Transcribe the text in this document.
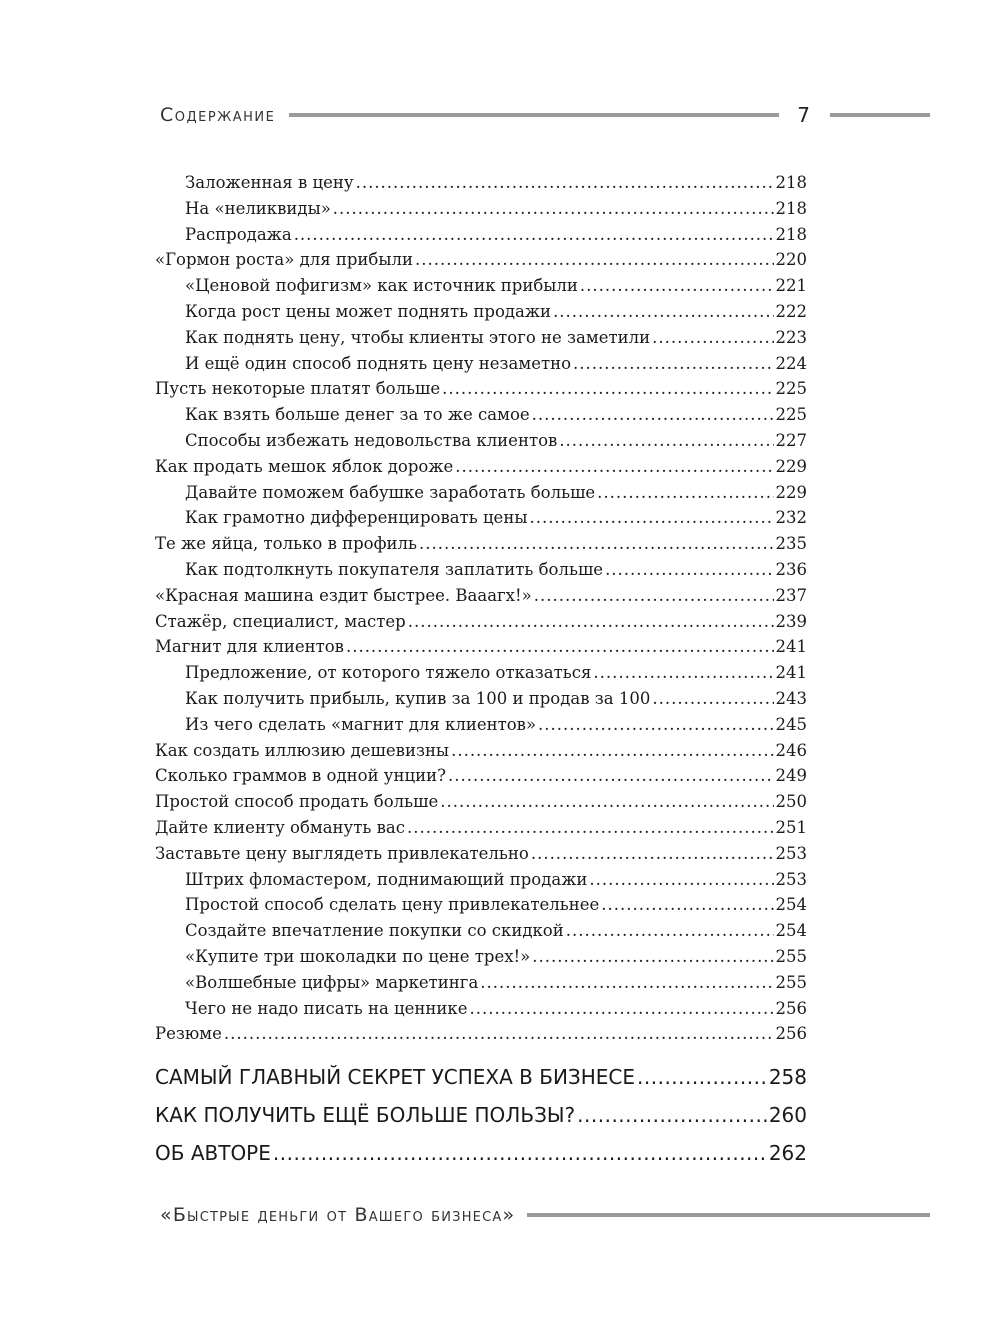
Содержание	7
Заложенная в цену .....	218
На «неликвиды» .....	218
Распродажа .....	218
«Гормон роста» для прибыли .....	220
«Ценовой пофигизм» как источник прибыли .....	221
Когда рост цены может поднять продажи .....	222
Как поднять цену, чтобы клиенты этого не заметили .....	223
И ещё один способ поднять цену незаметно .....	224
Пусть некоторые платят больше .....	225
Как взять больше денег за то же самое .....	225
Способы избежать недовольства клиентов .....	227
Как продать мешок яблок дороже .....	229
Давайте поможем бабушке заработать больше .....	229
Как грамотно дифференцировать цены .....	232
Те же яйца, только в профиль .....	235
Как подтолкнуть покупателя заплатить больше .....	236
«Красная машина ездит быстрее. Вааагх!» .....	237
Стажёр, специалист, мастер .....	239
Магнит для клиентов .....	241
Предложение, от которого тяжело отказаться .....	241
Как получить прибыль, купив за 100 и продав за 100 .....	243
Из чего сделать «магнит для клиентов» .....	245
Как создать иллюзию дешевизны .....	246
Сколько граммов в одной унции? .....	249
Простой способ продать больше .....	250
Дайте клиенту обмануть вас .....	251
Заставьте цену выглядеть привлекательно .....	253
Штрих фломастером, поднимающий продажи .....	253
Простой способ сделать цену привлекательнее .....	254
Создайте впечатление покупки со скидкой .....	254
«Купите три шоколадки по цене трех!» .....	255
«Волшебные цифры» маркетинга .....	255
Чего не надо писать на ценнике .....	256
Резюме .....	256
САМЫЙ ГЛАВНЫЙ СЕКРЕТ УСПЕХА В БИЗНЕСЕ .....	258
КАК ПОЛУЧИТЬ ЕЩЁ БОЛЬШЕ ПОЛЬЗЫ? .....	260
ОБ АВТОРЕ .....	262
«Быстрые деньги от Вашего бизнеса»
